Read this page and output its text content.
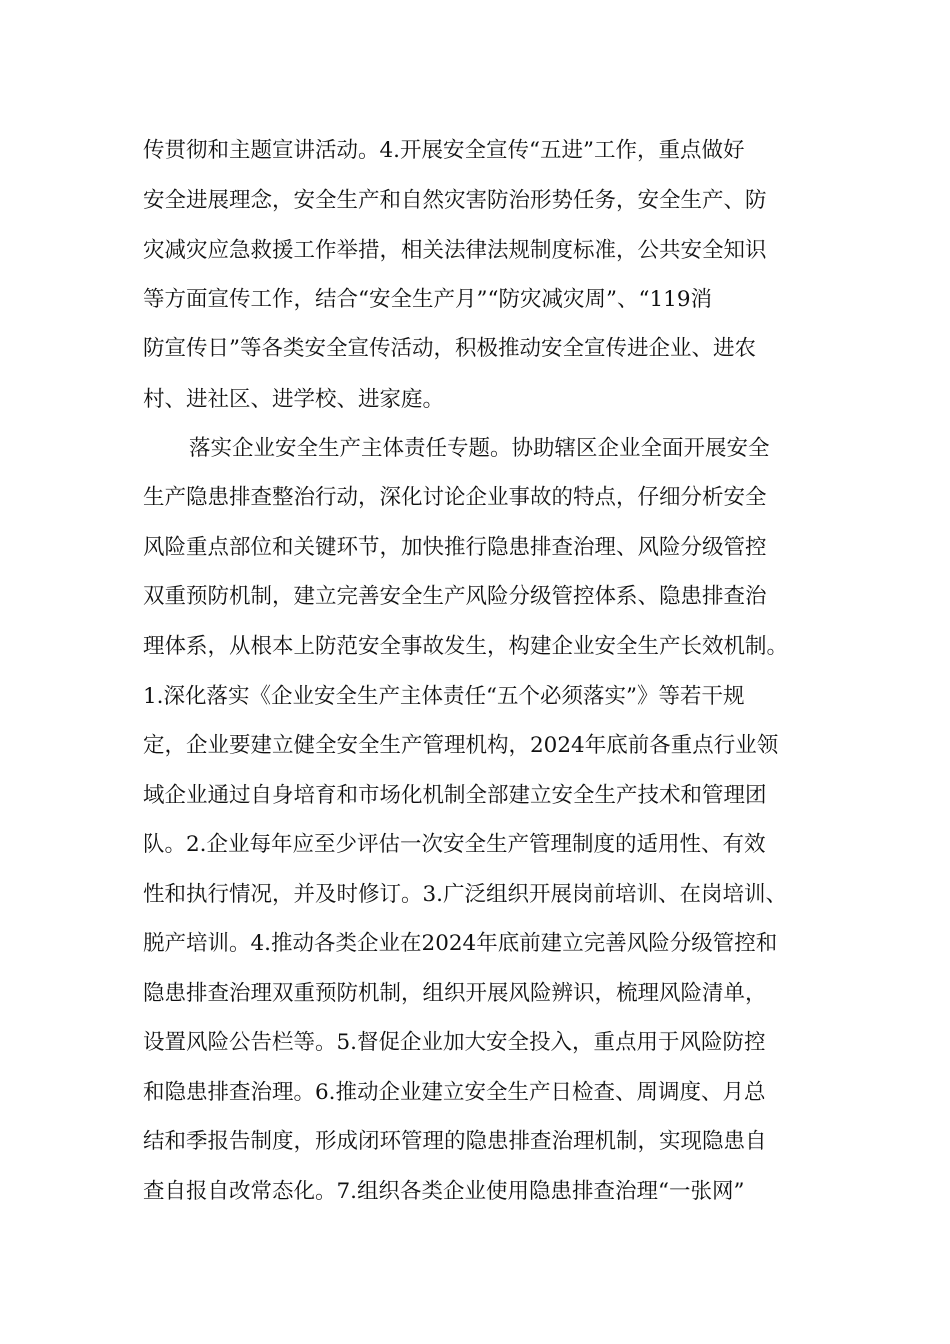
传贯彻和主题宣讲活动。4.开展安全宣传“五进”工作，重点做好
安全进展理念，安全生产和自然灾害防治形势任务，安全生产、防
灾减灾应急救援工作举措，相关法律法规制度标准，公共安全知识
等方面宣传工作，结合“安全生产月”“防灾减灾周”、“119消
防宣传日”等各类安全宣传活动，积极推动安全宣传进企业、进农
村、进社区、进学校、进家庭。
落实企业安全生产主体责任专题。协助辖区企业全面开展安全
生产隐患排查整治行动，深化讨论企业事故的特点，仔细分析安全
风险重点部位和关键环节，加快推行隐患排查治理、风险分级管控
双重预防机制，建立完善安全生产风险分级管控体系、隐患排查治
理体系，从根本上防范安全事故发生，构建企业安全生产长效机制。
1.深化落实《企业安全生产主体责任“五个必须落实”》等若干规
定，企业要建立健全安全生产管理机构，2024年底前各重点行业领
域企业通过自身培育和市场化机制全部建立安全生产技术和管理团
队。2.企业每年应至少评估一次安全生产管理制度的适用性、有效
性和执行情况，并及时修订。3.广泛组织开展岗前培训、在岗培训、
脱产培训。4.推动各类企业在2024年底前建立完善风险分级管控和
隐患排查治理双重预防机制，组织开展风险辨识，梳理风险清单，
设置风险公告栏等。5.督促企业加大安全投入，重点用于风险防控
和隐患排查治理。6.推动企业建立安全生产日检查、周调度、月总
结和季报告制度，形成闭环管理的隐患排查治理机制，实现隐患自
查自报自改常态化。7.组织各类企业使用隐患排查治理“一张网”
